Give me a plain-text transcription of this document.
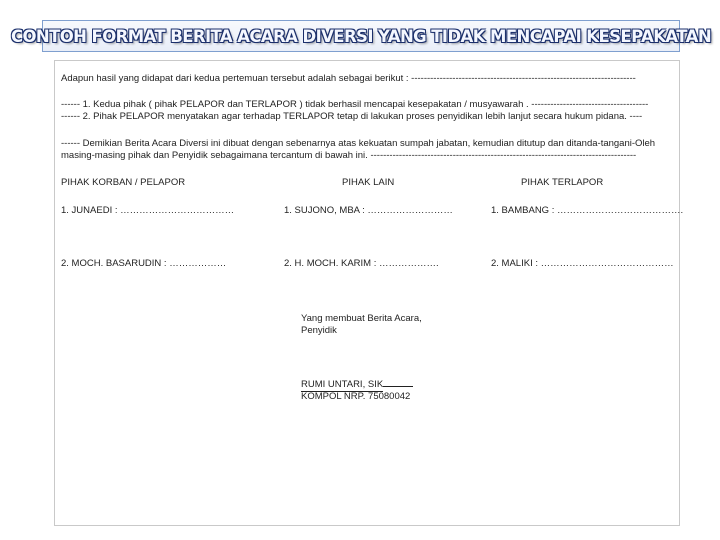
CONTOH FORMAT BERITA ACARA DIVERSI YANG TIDAK MENCAPAI KESEPAKATAN
Adapun hasil yang didapat dari kedua pertemuan tersebut adalah sebagai berikut : -----------------------------------------------------------------------
------ 1. Kedua pihak ( pihak PELAPOR dan TERLAPOR ) tidak berhasil mencapai kesepakatan / musyawarah . -------------------------------------
------ 2. Pihak PELAPOR menyatakan agar terhadap TERLAPOR tetap di lakukan proses penyidikan lebih lanjut secara hukum pidana. ----
------ Demikian Berita Acara Diversi ini dibuat dengan sebenarnya atas kekuatan sumpah jabatan, kemudian ditutup dan ditanda-tangani-Oleh masing-masing pihak dan Penyidik sebagaimana tercantum di bawah ini. ------------------------------------------------------------------------------------
PIHAK KORBAN / PELAPOR	PIHAK LAIN	PIHAK TERLAPOR
1. JUNAEDI : ………………………………	1. SUJONO, MBA : ………………………	1. BAMBANG : ………………………………….
2. MOCH. BASARUDIN : ………………	2. H. MOCH. KARIM : ……………….	2. MALIKI : ……………………………………
Yang membuat Berita Acara,
Penyidik
RUMI UNTARI, SIK
KOMPOL NRP. 75080042
